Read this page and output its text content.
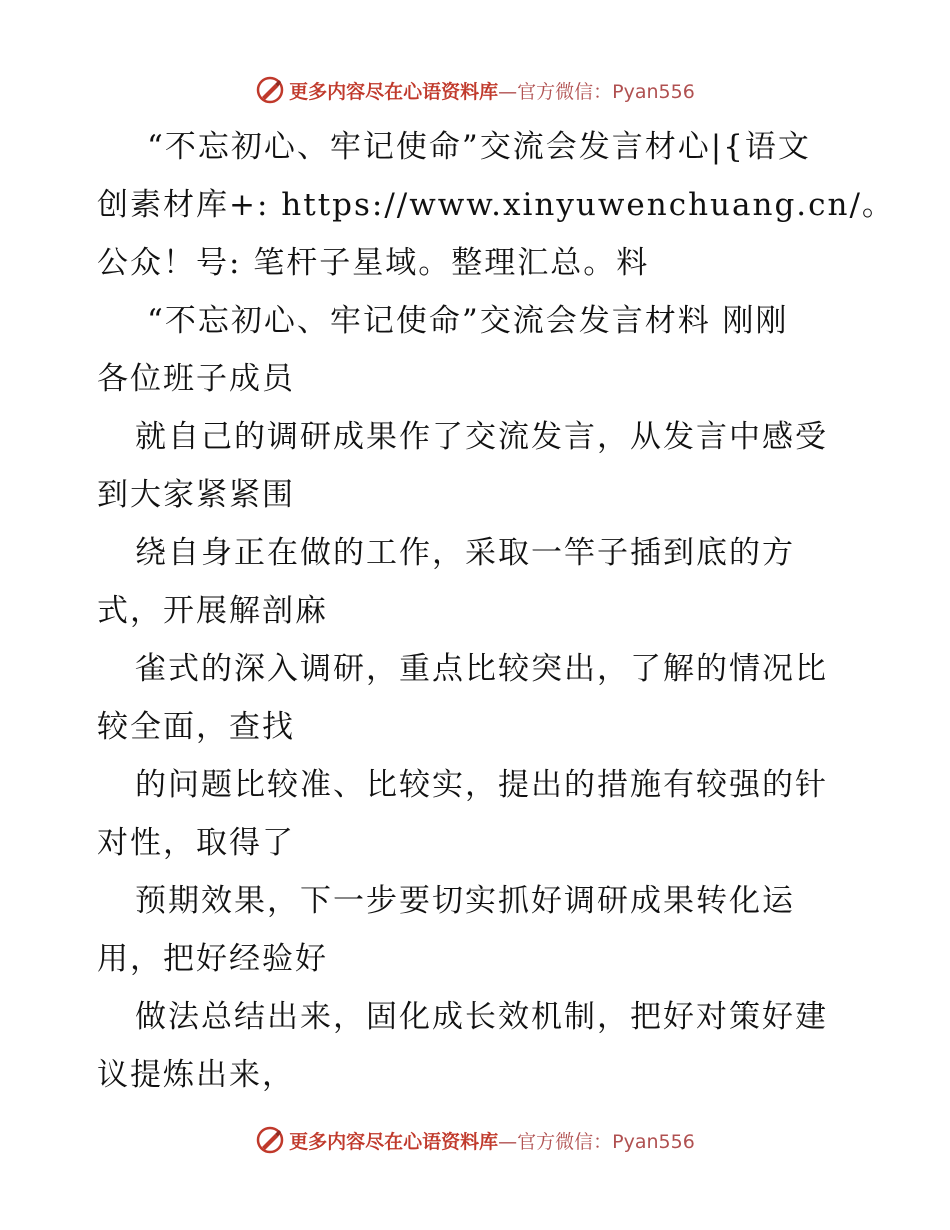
更多内容尽在心语资料库—官方微信：Pyan556

“不忘初心、牢记使命”交流会发言材心|{语文

创素材库+: https://www.xinyuwenchuang.cn/。

公众！号: 笔杆子星域。整理汇总。料

“不忘初心、牢记使命”交流会发言材料 刚刚

各位班子成员

就自己的调研成果作了交流发言，从发言中感受

到大家紧紧围

绕自身正在做的工作，采取一竿子插到底的方

式，开展解剖麻

雀式的深入调研，重点比较突出，了解的情况比

较全面，查找

的问题比较准、比较实，提出的措施有较强的针

对性，取得了

预期效果，下一步要切实抓好调研成果转化运

用，把好经验好

做法总结出来，固化成长效机制，把好对策好建

议提炼出来，

更多内容尽在心语资料库—官方微信：Pyan556
